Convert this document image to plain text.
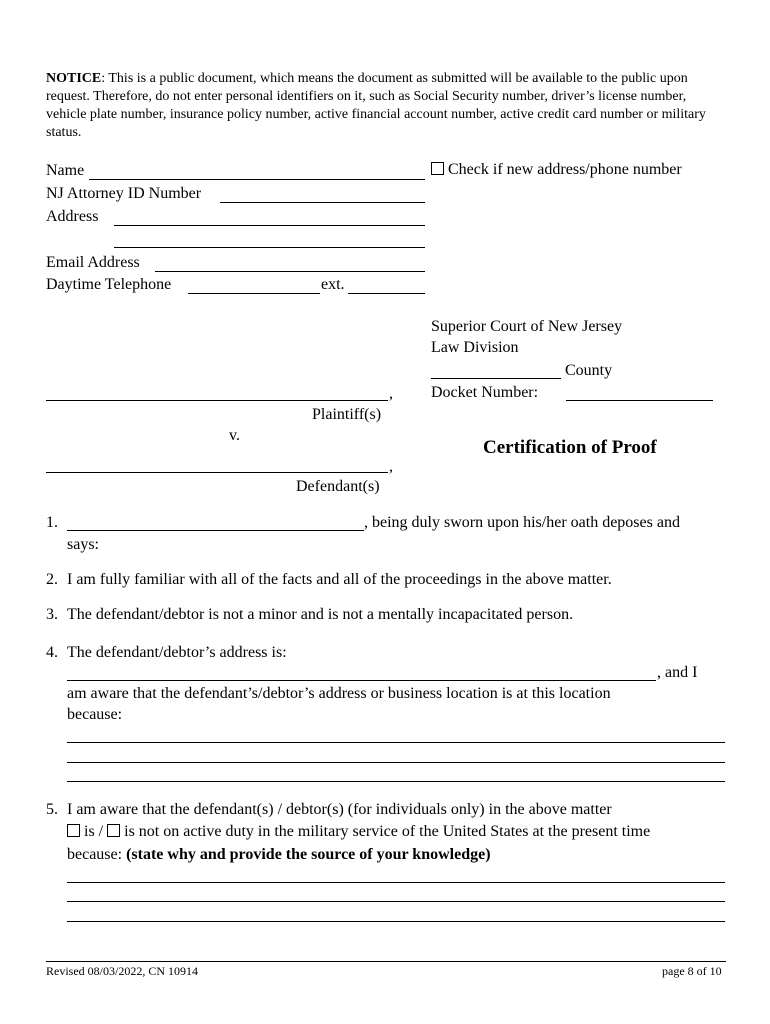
NOTICE: This is a public document, which means the document as submitted will be available to the public upon request. Therefore, do not enter personal identifiers on it, such as Social Security number, driver’s license number, vehicle plate number, insurance policy number, active financial account number, active credit card number or military status.
Name
NJ Attorney ID Number
Address
Email Address
Daytime Telephone	ext.
Check if new address/phone number
Superior Court of New Jersey
Law Division
County
Docket Number:
,
Plaintiff(s)
v.
,
Defendant(s)
Certification of Proof
1.	, being duly sworn upon his/her oath deposes and
says:
2. I am fully familiar with all of the facts and all of the proceedings in the above matter.
3. The defendant/debtor is not a minor and is not a mentally incapacitated person.
4. The defendant/debtor’s address is:
, and I
am aware that the defendant’s/debtor’s address or business location is at this location
because:
5. I am aware that the defendant(s) / debtor(s) (for individuals only) in the above matter
is / is not on active duty in the military service of the United States at the present time
because: (state why and provide the source of your knowledge)
Revised 08/03/2022, CN 10914	page 8 of 10
